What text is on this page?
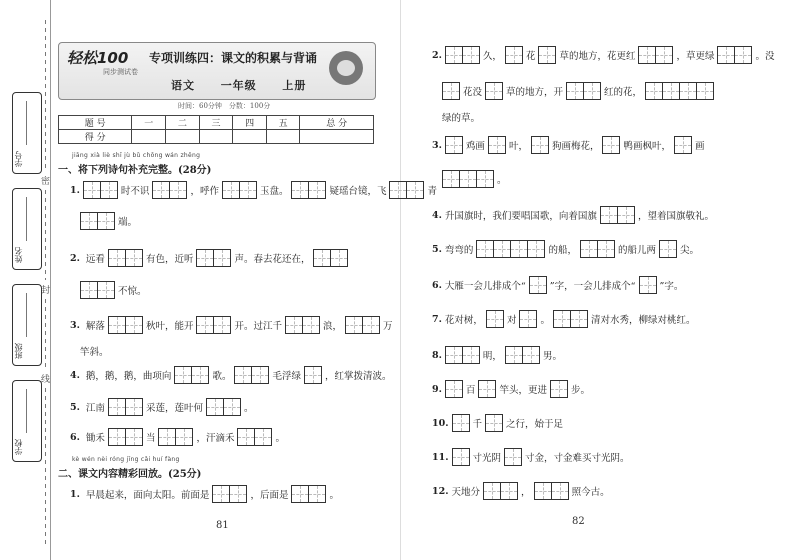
学号
姓名
班级
学校
密
封
线
轻松100
同步测试卷
专项训练四：课文的积累与背诵
语文 一年级 上册
时间：60分钟　分数：100分
题 号	一	二	三	四	五	总 分
得 分						
jiāng xià liè shī jù bǔ chōng wán zhěng
一、将下列诗句补充完整。(28分)
1.	时不识	，呼作	玉盘。	疑瑶台镜，飞	青
端。
2. 远看	有色，近听	声。春去花还在，
不惊。
3. 解落	秋叶，能开	开。过江千	浪，	万
竿斜。
4. 鹅，鹅，鹅，曲项向	歌。	毛浮绿	，红掌拨清波。
5. 江南	采莲，莲叶何	。
6. 锄禾	当	，汗滴禾	。
kè wén nèi róng jīng cǎi huí fàng
二、课文内容精彩回放。(25分)
1. 早晨起来，面向太阳。前面是	，后面是	。
81
2.	久，	花	草的地方，花更红	，草更绿	。没
花没	草的地方，开	红的花，
绿的草。
3.	鸡画	叶，	狗画梅花，	鸭画枫叶，	画
。
4. 升国旗时，我们要唱国歌，向着国旗	，望着国旗敬礼。
5. 弯弯的	的船，	的船儿两	尖。
6. 大雁一会儿排成个“	”字，一会儿排成个“	”字。
7. 花对树，	对	。	清对水秀，柳绿对桃红。
8.	明，	男。
9.	百	竿头，更进	步。
10.	千	之行，始于足
11.	寸光阴	寸金，寸金难买寸光阴。
12. 天地分	，	照今古。
82
